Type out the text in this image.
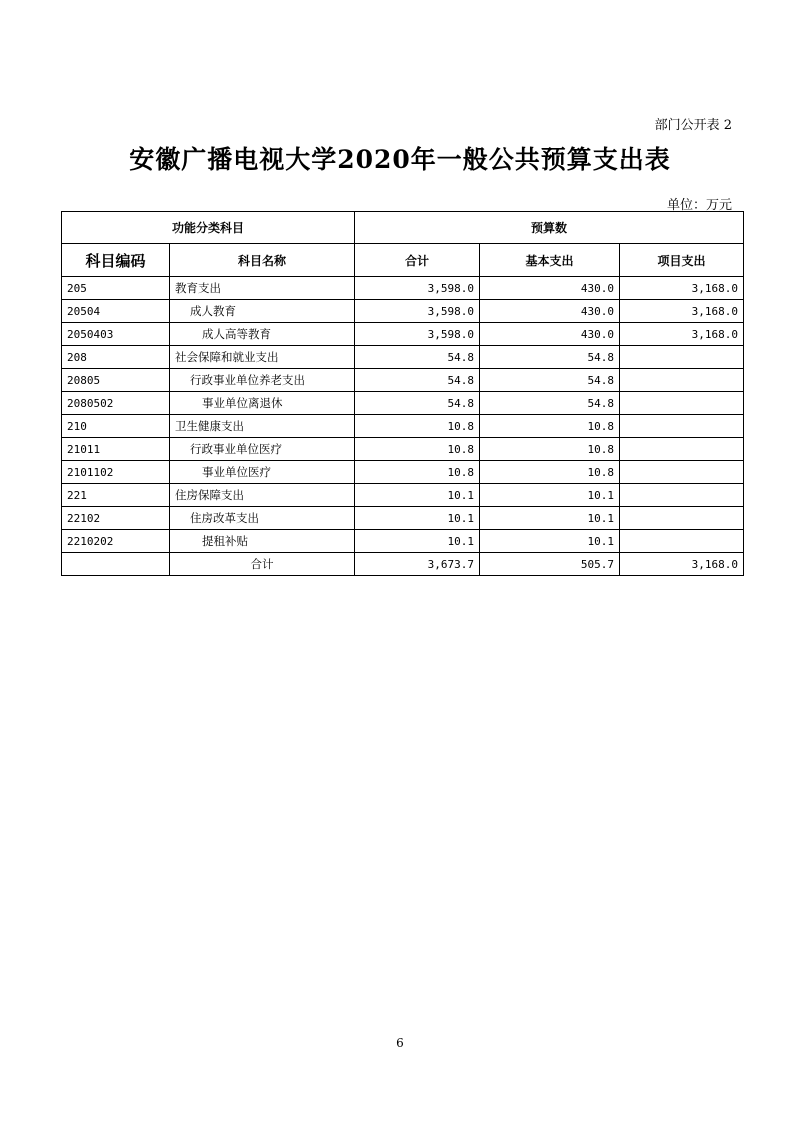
部门公开表 2
安徽广播电视大学2020年一般公共预算支出表
单位：万元
功能分类科目		预算数		
科目编码	科目名称	合计	基本支出	项目支出
205	教育支出	3,598.0	430.0	3,168.0
20504	成人教育	3,598.0	430.0	3,168.0
2050403	成人高等教育	3,598.0	430.0	3,168.0
208	社会保障和就业支出	54.8	54.8	
20805	行政事业单位养老支出	54.8	54.8	
2080502	事业单位离退休	54.8	54.8	
210	卫生健康支出	10.8	10.8	
21011	行政事业单位医疗	10.8	10.8	
2101102	事业单位医疗	10.8	10.8	
221	住房保障支出	10.1	10.1	
22102	住房改革支出	10.1	10.1	
2210202	提租补贴	10.1	10.1	
	合计	3,673.7	505.7	3,168.0
6
